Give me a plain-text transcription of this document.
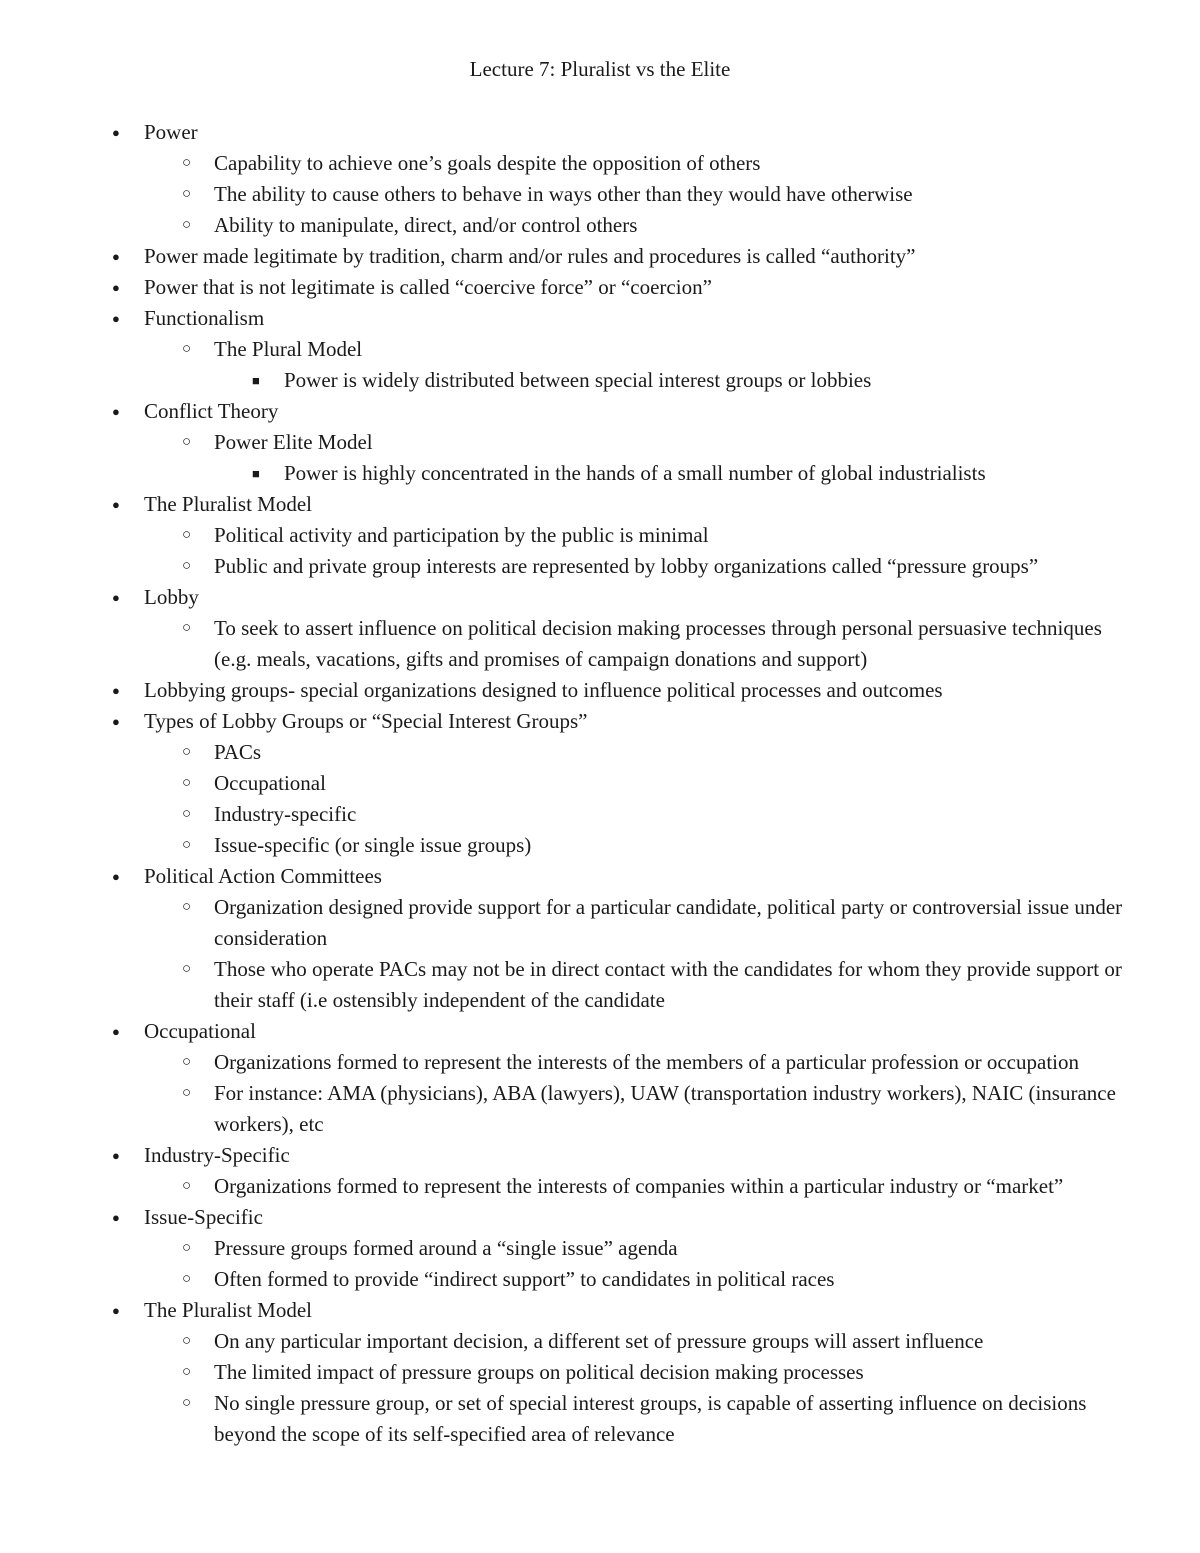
Lecture 7: Pluralist vs the Elite
●
Power
○
Capability to achieve one’s goals despite the opposition of others
○
The ability to cause others to behave in ways other than they would have otherwise
○
Ability to manipulate, direct, and/or control others
●
Power made legitimate by tradition, charm and/or rules and procedures is called “authority”
●
Power that is not legitimate is called “coercive force” or “coercion”
●
Functionalism
○
The Plural Model
■
Power is widely distributed between special interest groups or lobbies
●
Conflict Theory
○
Power Elite Model
■
Power is highly concentrated in the hands of a small number of global industrialists
●
The Pluralist Model
○
Political activity and participation by the public is minimal
○
Public and private group interests are represented by lobby organizations called “pressure groups”
●
Lobby
○
To seek to assert influence on political decision making processes through personal persuasive techniques (e.g. meals, vacations, gifts and promises of campaign donations and support)
●
Lobbying groups- special organizations designed to influence political processes and outcomes
●
Types of Lobby Groups or “Special Interest Groups”
○
PACs
○
Occupational
○
Industry-specific
○
Issue-specific (or single issue groups)
●
Political Action Committees
○
Organization designed provide support for a particular candidate, political party or controversial issue under consideration
○
Those who operate PACs may not be in direct contact with the candidates for whom they provide support or their staff (i.e ostensibly independent of the candidate
●
Occupational
○
Organizations formed to represent the interests of the members of a particular profession or occupation
○
For instance: AMA (physicians), ABA (lawyers), UAW (transportation industry workers), NAIC (insurance workers), etc
●
Industry-Specific
○
Organizations formed to represent the interests of companies within a particular industry or “market”
●
Issue-Specific
○
Pressure groups formed around a “single issue” agenda
○
Often formed to provide “indirect support” to candidates in political races
●
The Pluralist Model
○
On any particular important decision, a different set of pressure groups will assert influence
○
The limited impact of pressure groups on political decision making processes
○
No single pressure group, or set of special interest groups, is capable of asserting influence on decisions beyond the scope of its self-specified area of relevance
